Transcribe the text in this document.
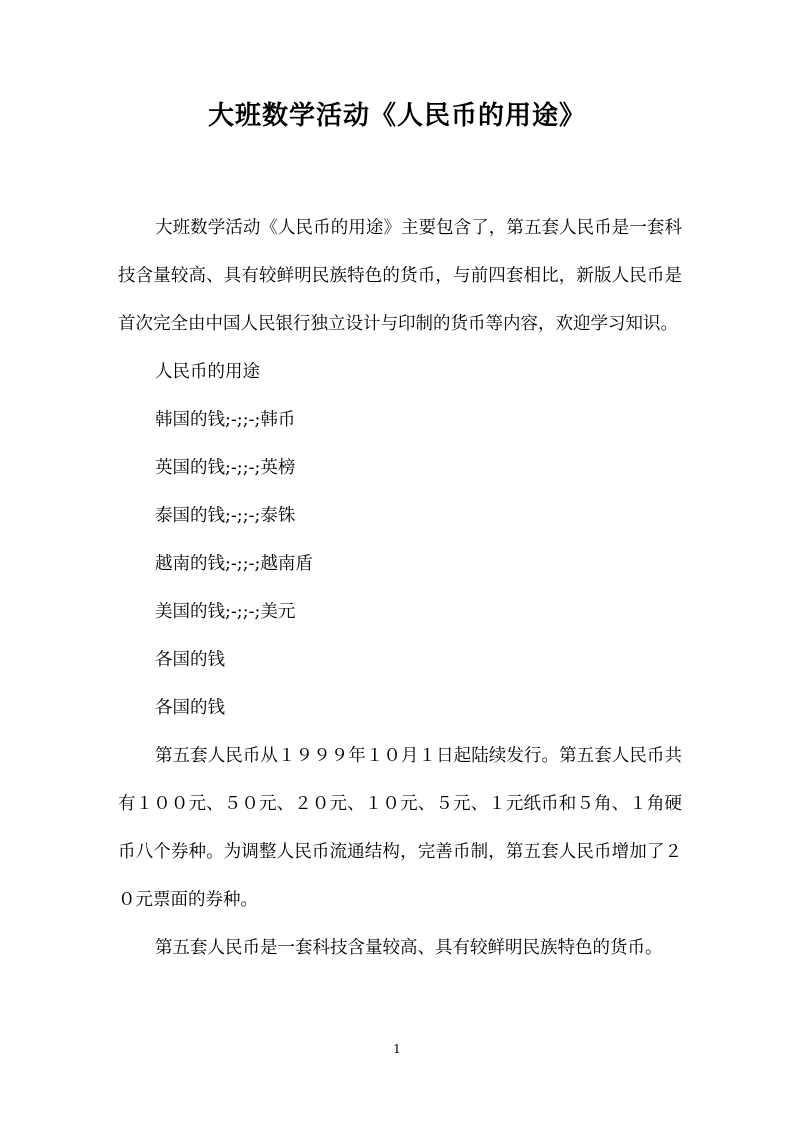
大班数学活动《人民币的用途》

大班数学活动《人民币的用途》主要包含了，第五套人民币是一套科技含量较高、具有较鲜明民族特色的货币，与前四套相比，新版人民币是首次完全由中国人民银行独立设计与印制的货币等内容，欢迎学习知识。

人民币的用途

韩国的钱;-;;-;韩币

英国的钱;-;;-;英榜

泰国的钱;-;;-;泰铢

越南的钱;-;;-;越南盾

美国的钱;-;;-;美元

各国的钱

各国的钱

第五套人民币从１９９９年１０月１日起陆续发行。第五套人民币共有１００元、５０元、２０元、１０元、５元、１元纸币和５角、１角硬币八个券种。为调整人民币流通结构，完善币制，第五套人民币增加了２０元票面的券种。

第五套人民币是一套科技含量较高、具有较鲜明民族特色的货币。

1
